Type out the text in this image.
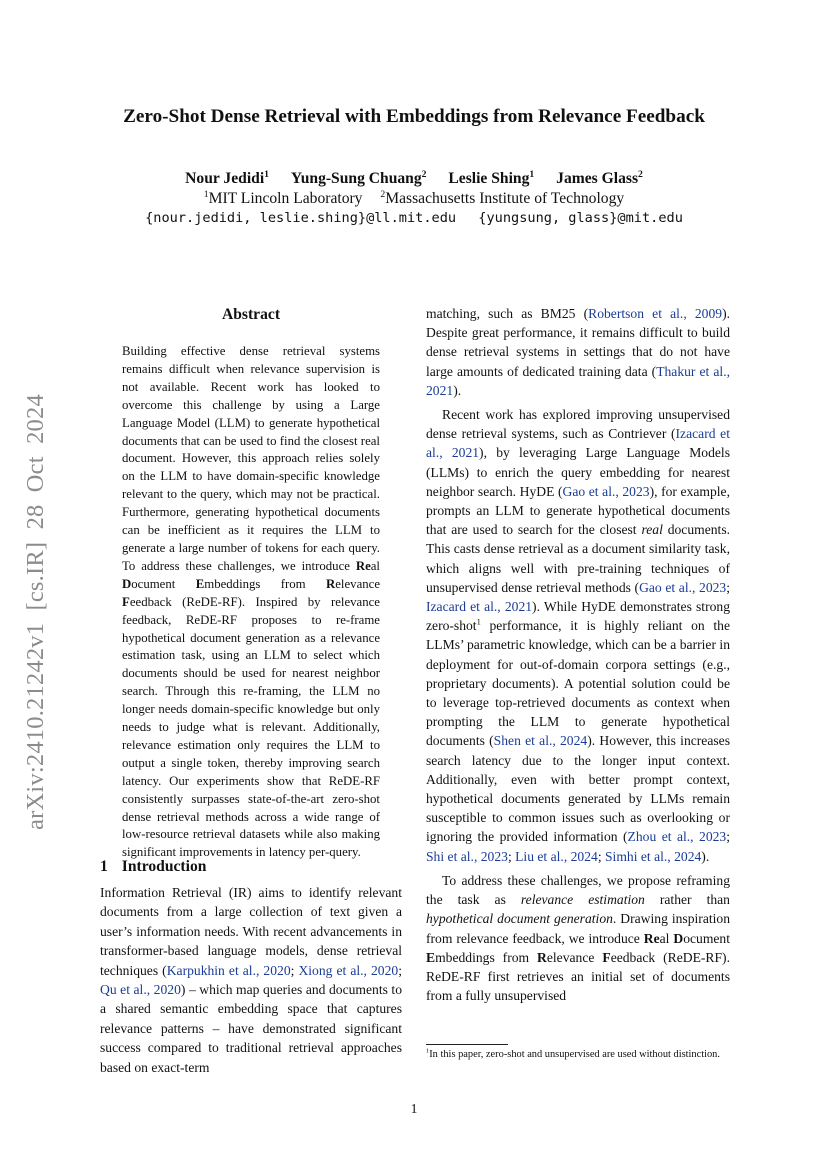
arXiv:2410.21242v1 [cs.IR] 28 Oct 2024
Zero-Shot Dense Retrieval with Embeddings from Relevance Feedback
Nour Jedidi$^1$ Yung-Sung Chuang$^2$ Leslie Shing$^1$ James Glass$^2$
$^1$MIT Lincoln Laboratory $^2$Massachusetts Institute of Technology
{nour.jedidi, leslie.shing}@ll.mit.edu {yungsung, glass}@mit.edu
Abstract
Building effective dense retrieval systems remains difficult when relevance supervision is not available. Recent work has looked to overcome this challenge by using a Large Language Model (LLM) to generate hypothetical documents that can be used to find the closest real document. However, this approach relies solely on the LLM to have domain-specific knowledge relevant to the query, which may not be practical. Furthermore, generating hypothetical documents can be inefficient as it requires the LLM to generate a large number of tokens for each query. To address these challenges, we introduce Real Document Embeddings from Relevance Feedback (ReDE-RF). Inspired by relevance feedback, ReDE-RF proposes to re-frame hypothetical document generation as a relevance estimation task, using an LLM to select which documents should be used for nearest neighbor search. Through this re-framing, the LLM no longer needs domain-specific knowledge but only needs to judge what is relevant. Additionally, relevance estimation only requires the LLM to output a single token, thereby improving search latency. Our experiments show that ReDE-RF consistently surpasses state-of-the-art zero-shot dense retrieval methods across a wide range of low-resource retrieval datasets while also making significant improvements in latency per-query.
1 Introduction
Information Retrieval (IR) aims to identify relevant documents from a large collection of text given a user’s information needs. With recent advancements in transformer-based language models, dense retrieval techniques (Karpukhin et al., 2020; Xiong et al., 2020; Qu et al., 2020) – which map queries and documents to a shared semantic embedding space that captures relevance patterns – have demonstrated significant success compared to traditional retrieval approaches based on exact-term

matching, such as BM25 (Robertson et al., 2009). Despite great performance, it remains difficult to build dense retrieval systems in settings that do not have large amounts of dedicated training data (Thakur et al., 2021).

Recent work has explored improving unsupervised dense retrieval systems, such as Contriever (Izacard et al., 2021), by leveraging Large Language Models (LLMs) to enrich the query embedding for nearest neighbor search. HyDE (Gao et al., 2023), for example, prompts an LLM to generate hypothetical documents that are used to search for the closest real documents. This casts dense retrieval as a document similarity task, which aligns well with pre-training techniques of unsupervised dense retrieval methods (Gao et al., 2023; Izacard et al., 2021). While HyDE demonstrates strong zero-shot$^1$ performance, it is highly reliant on the LLMs’ parametric knowledge, which can be a barrier in deployment for out-of-domain corpora settings (e.g., proprietary documents). A potential solution could be to leverage top-retrieved documents as context when prompting the LLM to generate hypothetical documents (Shen et al., 2024). However, this increases search latency due to the longer input context. Additionally, even with better prompt context, hypothetical documents generated by LLMs remain susceptible to common issues such as overlooking or ignoring the provided information (Zhou et al., 2023; Shi et al., 2023; Liu et al., 2024; Simhi et al., 2024).

To address these challenges, we propose reframing the task as relevance estimation rather than hypothetical document generation. Drawing inspiration from relevance feedback, we introduce Real Document Embeddings from Relevance Feedback (ReDE-RF). ReDE-RF first retrieves an initial set of documents from a fully unsupervised

$^1$In this paper, zero-shot and unsupervised are used without distinction.
1
